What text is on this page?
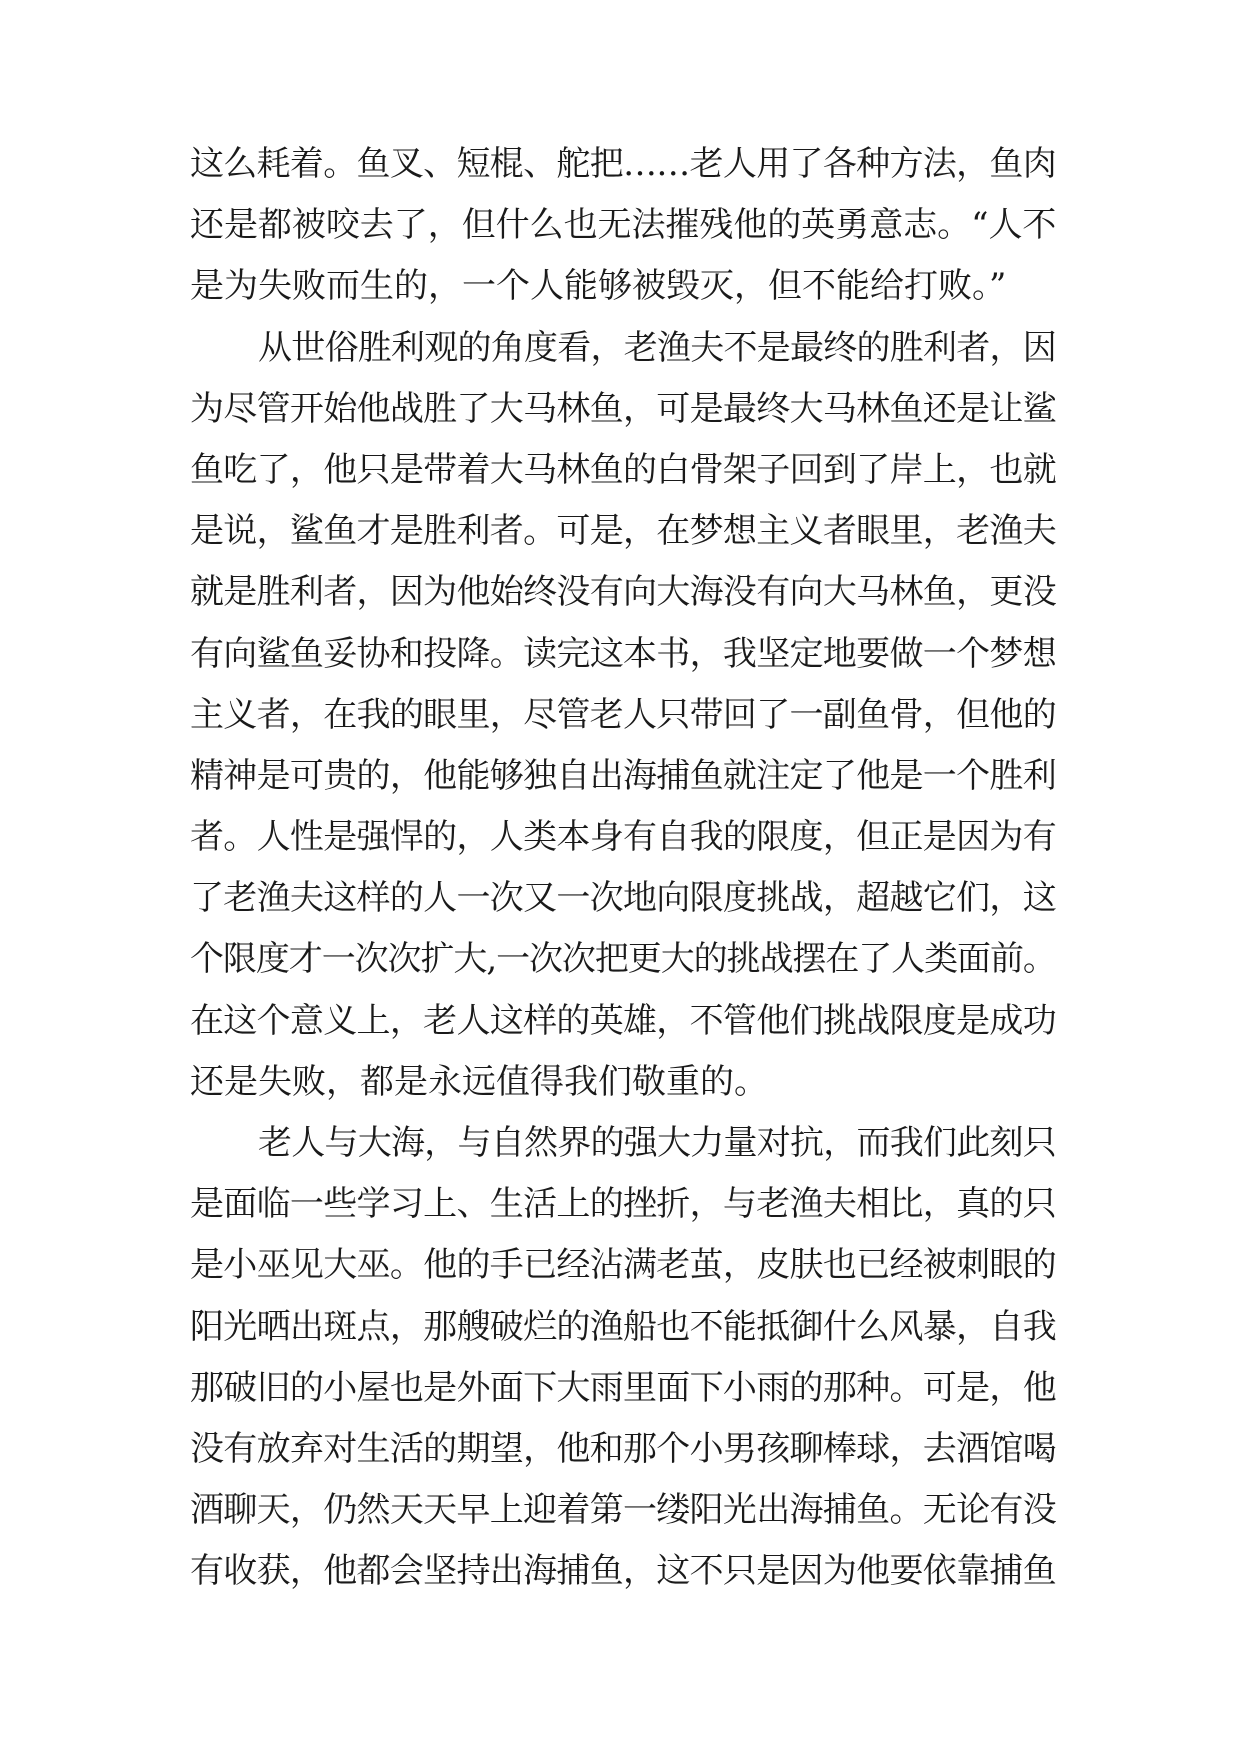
这么耗着。鱼叉、短棍、舵把……老人用了各种方法，鱼肉
还是都被咬去了，但什么也无法摧残他的英勇意志。“人不
是为失败而生的，一个人能够被毁灭，但不能给打败。”
从世俗胜利观的角度看，老渔夫不是最终的胜利者，因
为尽管开始他战胜了大马林鱼，可是最终大马林鱼还是让鲨
鱼吃了，他只是带着大马林鱼的白骨架子回到了岸上，也就
是说，鲨鱼才是胜利者。可是，在梦想主义者眼里，老渔夫
就是胜利者，因为他始终没有向大海没有向大马林鱼，更没
有向鲨鱼妥协和投降。读完这本书，我坚定地要做一个梦想
主义者，在我的眼里，尽管老人只带回了一副鱼骨，但他的
精神是可贵的，他能够独自出海捕鱼就注定了他是一个胜利
者。人性是强悍的，人类本身有自我的限度，但正是因为有
了老渔夫这样的人一次又一次地向限度挑战，超越它们，这
个限度才一次次扩大,一次次把更大的挑战摆在了人类面前。
在这个意义上，老人这样的英雄，不管他们挑战限度是成功
还是失败，都是永远值得我们敬重的。
老人与大海，与自然界的强大力量对抗，而我们此刻只
是面临一些学习上、生活上的挫折，与老渔夫相比，真的只
是小巫见大巫。他的手已经沾满老茧，皮肤也已经被刺眼的
阳光晒出斑点，那艘破烂的渔船也不能抵御什么风暴，自我
那破旧的小屋也是外面下大雨里面下小雨的那种。可是，他
没有放弃对生活的期望，他和那个小男孩聊棒球，去酒馆喝
酒聊天，仍然天天早上迎着第一缕阳光出海捕鱼。无论有没
有收获，他都会坚持出海捕鱼，这不只是因为他要依靠捕鱼
